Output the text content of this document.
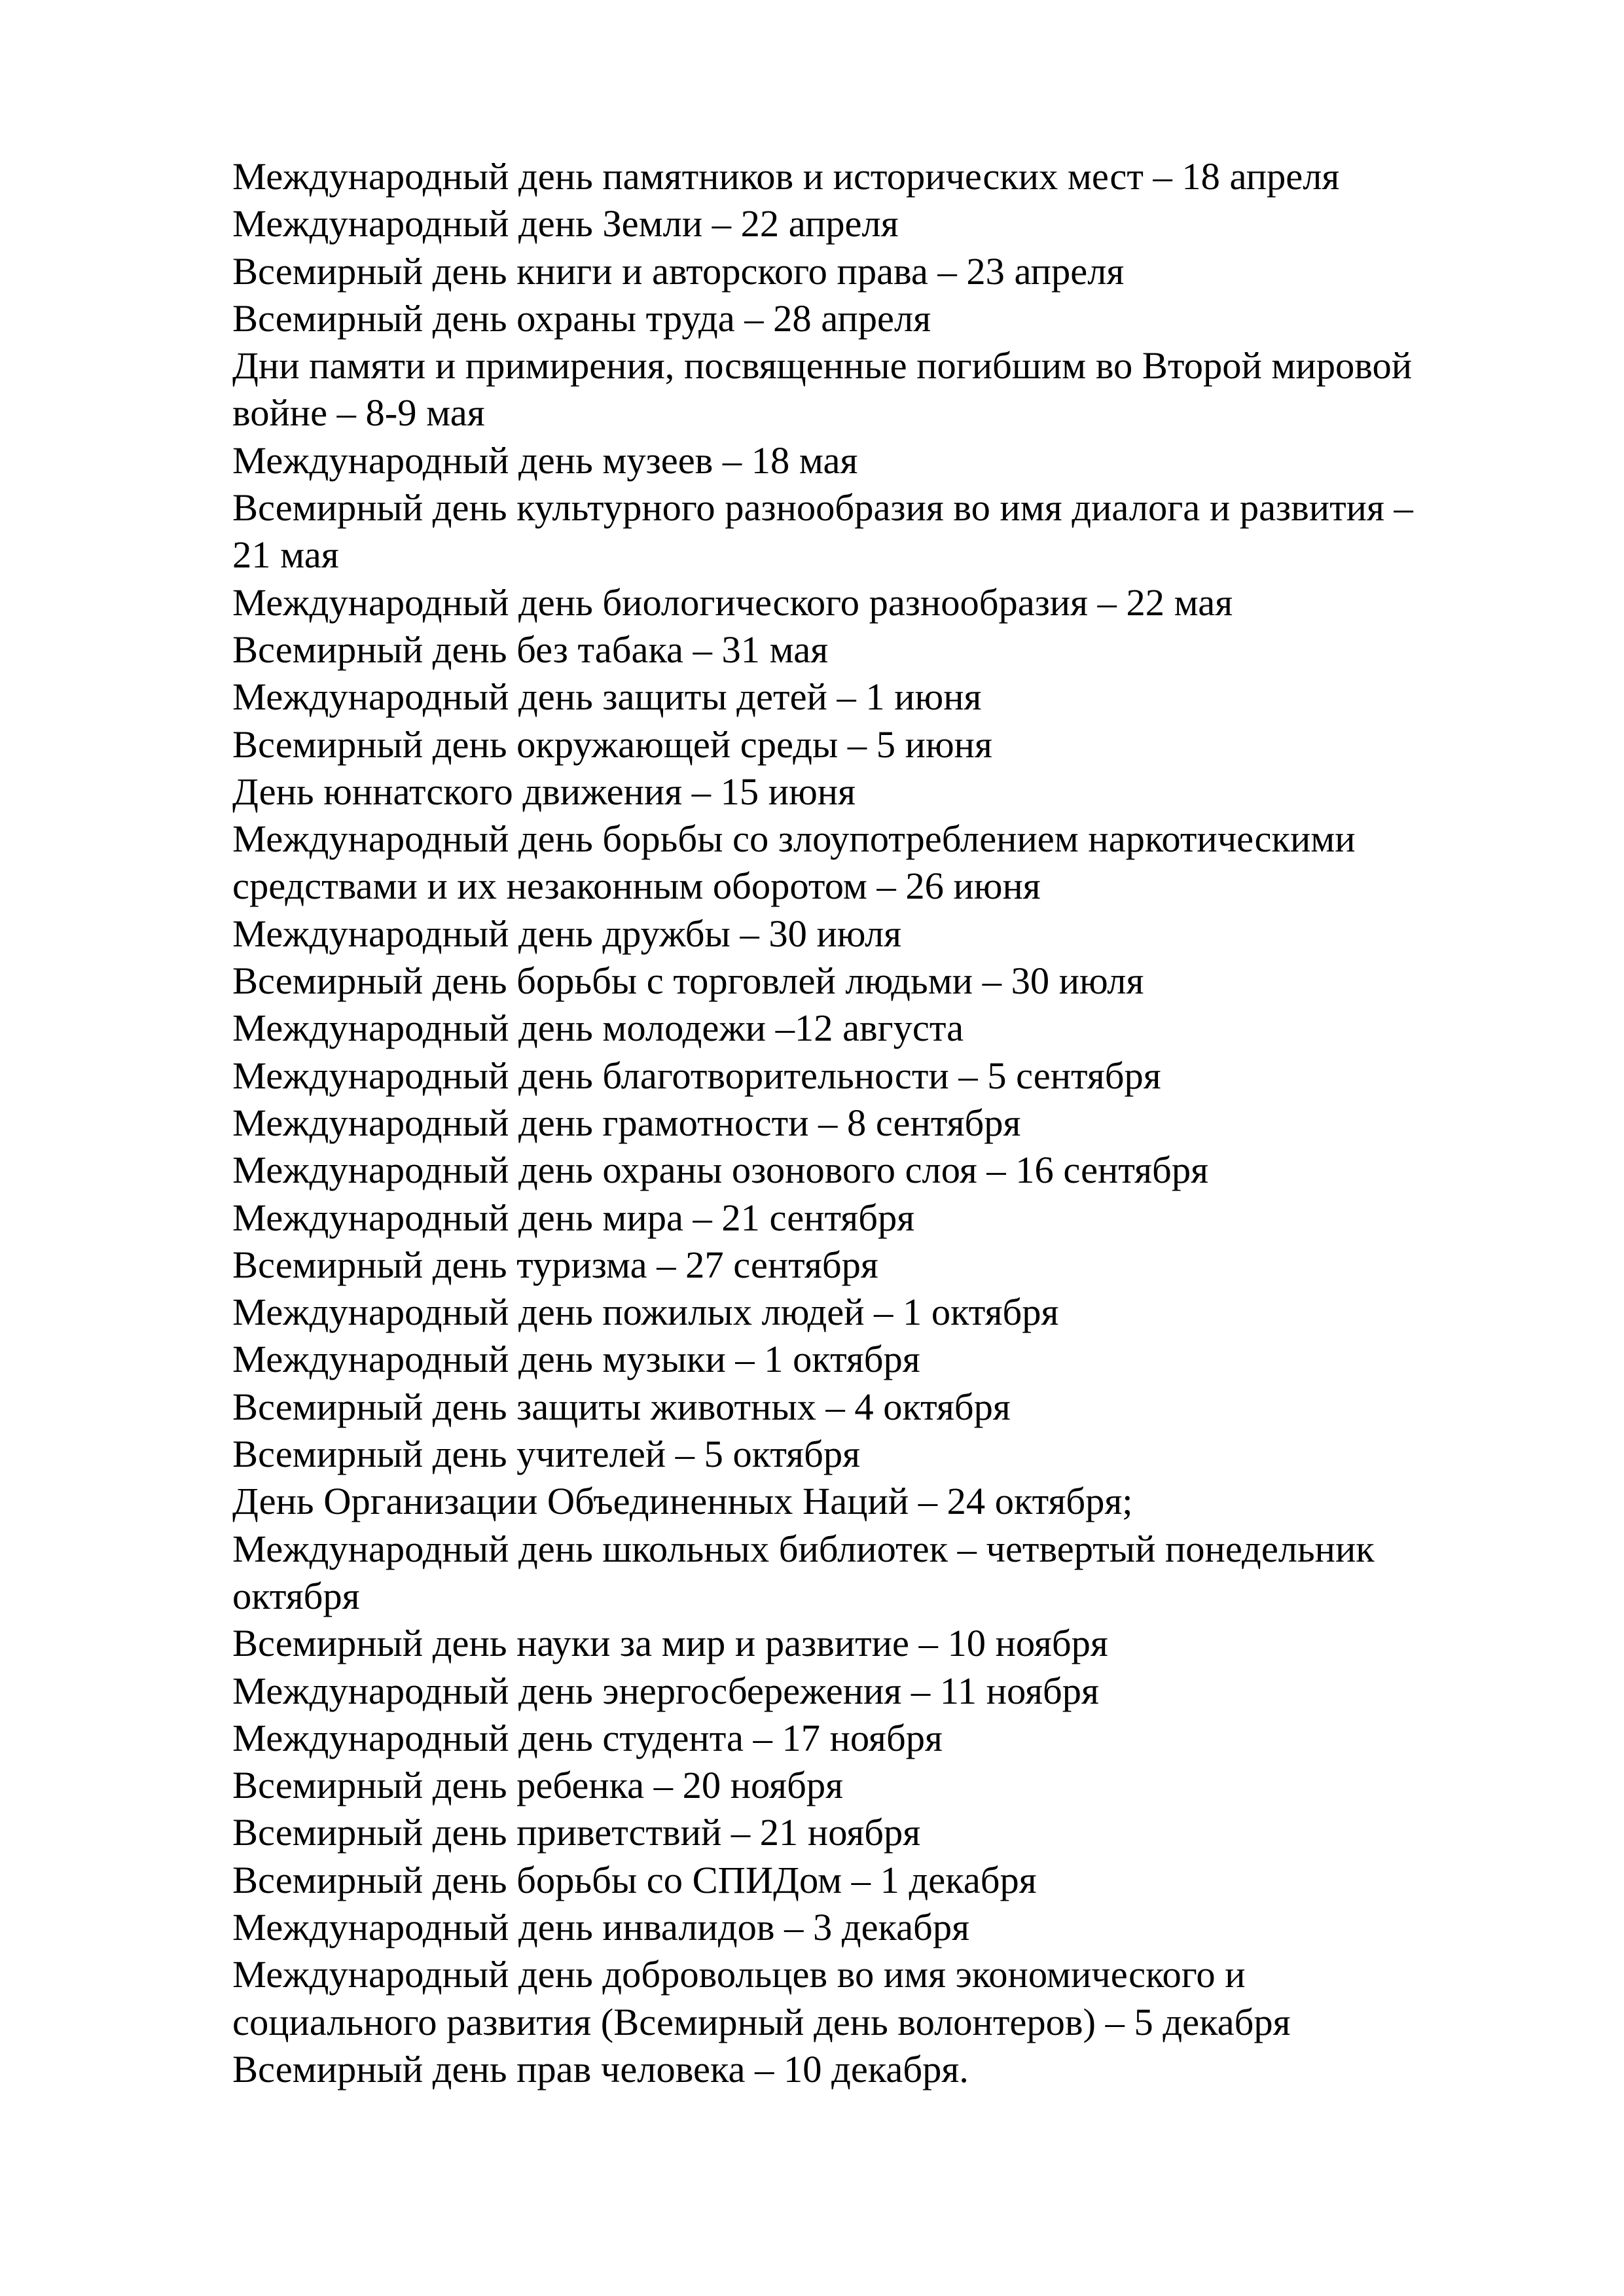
Международный день памятников и исторических мест – 18 апреля
Международный день Земли – 22 апреля
Всемирный день книги и авторского права – 23 апреля
Всемирный день охраны труда – 28 апреля
Дни памяти и примирения, посвященные погибшим во Второй мировой
войне – 8-9 мая
Международный день музеев – 18 мая
Всемирный день культурного разнообразия во имя диалога и развития –
21 мая
Международный день биологического разнообразия – 22 мая
Всемирный день без табака – 31 мая
Международный день защиты детей – 1 июня
Всемирный день окружающей среды – 5 июня
День юннатского движения – 15 июня
Международный день борьбы со злоупотреблением наркотическими
средствами и их незаконным оборотом – 26 июня
Международный день дружбы – 30 июля
Всемирный день борьбы с торговлей людьми – 30 июля
Международный день молодежи –12 августа
Международный день благотворительности – 5 сентября
Международный день грамотности – 8 сентября
Международный день охраны озонового слоя – 16 сентября
Международный день мира – 21 сентября
Всемирный день туризма – 27 сентября
Международный день пожилых людей – 1 октября
Международный день музыки – 1 октября
Всемирный день защиты животных – 4 октября
Всемирный день учителей – 5 октября
День Организации Объединенных Наций – 24 октября;
Международный день школьных библиотек – четвертый понедельник
октября
Всемирный день науки за мир и развитие – 10 ноября
Международный день энергосбережения – 11 ноября
Международный день студента – 17 ноября
Всемирный день ребенка – 20 ноября
Всемирный день приветствий – 21 ноября
Всемирный день борьбы со СПИДом – 1 декабря
Международный день инвалидов – 3 декабря
Международный день добровольцев во имя экономического и
социального развития (Всемирный день волонтеров) – 5 декабря
Всемирный день прав человека – 10 декабря.
